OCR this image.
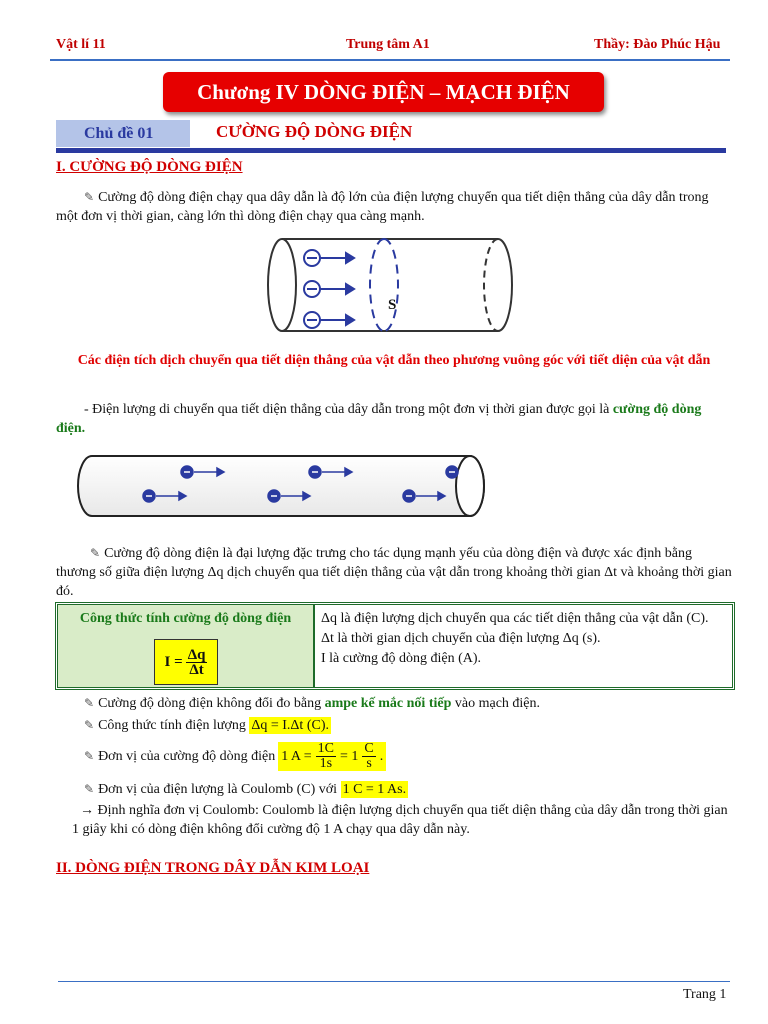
Vật lí 11	Trung tâm A1	Thầy: Đào Phúc Hậu
Chương IV DÒNG ĐIỆN – MẠCH ĐIỆN
Chủ đề 01	CƯỜNG ĐỘ DÒNG ĐIỆN
I. CƯỜNG ĐỘ DÒNG ĐIỆN
✎ Cường độ dòng điện chạy qua dây dẫn là độ lớn của điện lượng chuyển qua tiết diện thẳng của dây dẫn trong một đơn vị thời gian, càng lớn thì dòng điện chạy qua càng mạnh.
S
Các điện tích dịch chuyển qua tiết diện thẳng của vật dẫn theo phương vuông góc với tiết diện của vật dẫn
- Điện lượng di chuyển qua tiết diện thẳng của dây dẫn trong một đơn vị thời gian được gọi là cường độ dòng điện.
✎ Cường độ dòng điện là đại lượng đặc trưng cho tác dụng mạnh yếu của dòng điện và được xác định bằng thương số giữa điện lượng Δq dịch chuyển qua tiết diện thẳng của vật dẫn trong khoảng thời gian Δt và khoảng thời gian đó.
Công thức tính cường độ dòng điện
$I = \frac{\Delta q}{\Delta t}$
Δq là điện lượng dịch chuyển qua các tiết diện thẳng của vật dẫn (C).
Δt là thời gian dịch chuyển của điện lượng Δq (s).
I là cường độ dòng điện (A).
✎ Cường độ dòng điện không đổi đo bằng ampe kế mắc nối tiếp vào mạch điện.
✎ Công thức tính điện lượng Δq = I.Δt (C).
✎ Đơn vị của cường độ dòng điện 1 $A = \frac{1C}{1s} = 1 \frac{C}{s}$ .
✎ Đơn vị của điện lượng là Coulomb (C) với 1 C = 1 As.
→ Định nghĩa đơn vị Coulomb: Coulomb là điện lượng dịch chuyển qua tiết diện thẳng của dây dẫn trong thời gian 1 giây khi có dòng điện không đổi cường độ 1 A chạy qua dây dẫn này.
II. DÒNG ĐIỆN TRONG DÂY DẪN KIM LOẠI
Trang 1
